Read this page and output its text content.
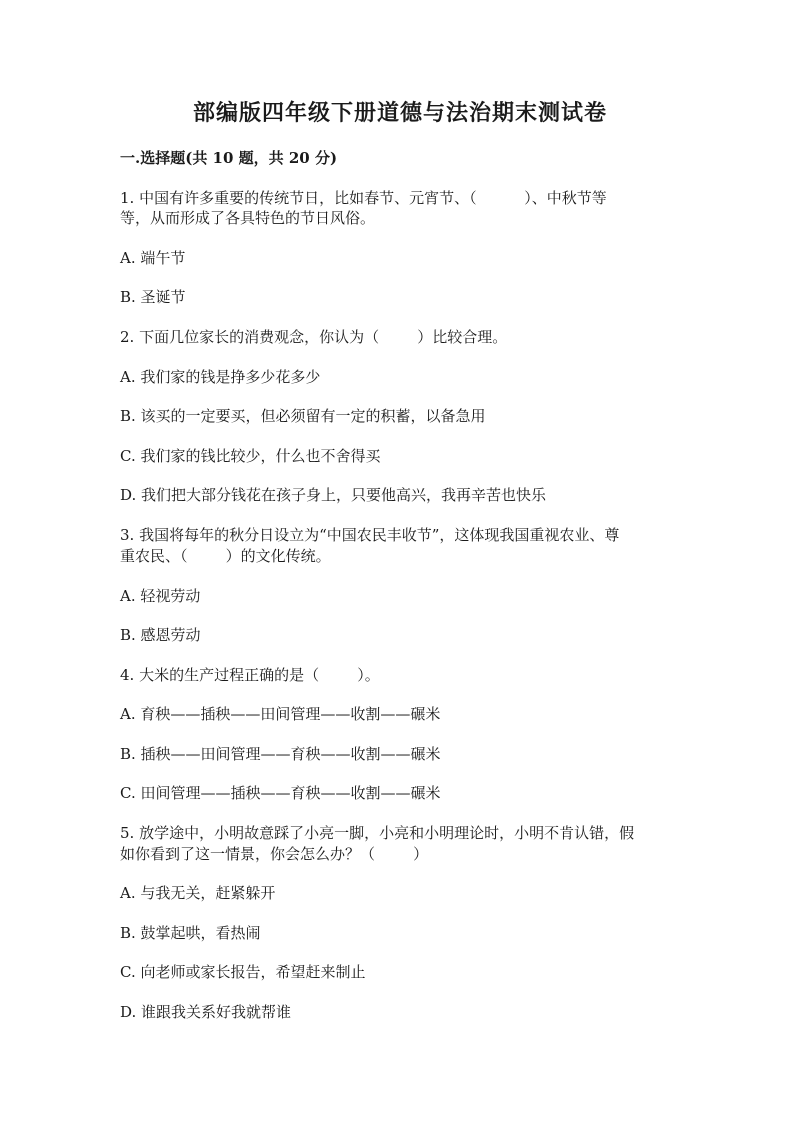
部编版四年级下册道德与法治期末测试卷
一.选择题(共 10 题，共 20 分)
1. 中国有许多重要的传统节日，比如春节、元宵节、（          ）、中秋节等
等，从而形成了各具特色的节日风俗。
A. 端午节
B. 圣诞节
2. 下面几位家长的消费观念，你认为（        ）比较合理。
A. 我们家的钱是挣多少花多少
B. 该买的一定要买，但必须留有一定的积蓄，以备急用
C. 我们家的钱比较少，什么也不舍得买
D. 我们把大部分钱花在孩子身上，只要他高兴，我再辛苦也快乐
3. 我国将每年的秋分日设立为“中国农民丰收节”，这体现我国重视农业、尊
重农民、（        ）的文化传统。
A. 轻视劳动
B. 感恩劳动
4. 大米的生产过程正确的是（        ）。
A. 育秧——插秧——田间管理——收割——碾米
B. 插秧——田间管理——育秧——收割——碾米
C. 田间管理——插秧——育秧——收割——碾米
5. 放学途中，小明故意踩了小亮一脚，小亮和小明理论时，小明不肯认错，假
如你看到了这一情景，你会怎么办？（        ）
A. 与我无关，赶紧躲开
B. 鼓掌起哄，看热闹
C. 向老师或家长报告，希望赶来制止
D. 谁跟我关系好我就帮谁
